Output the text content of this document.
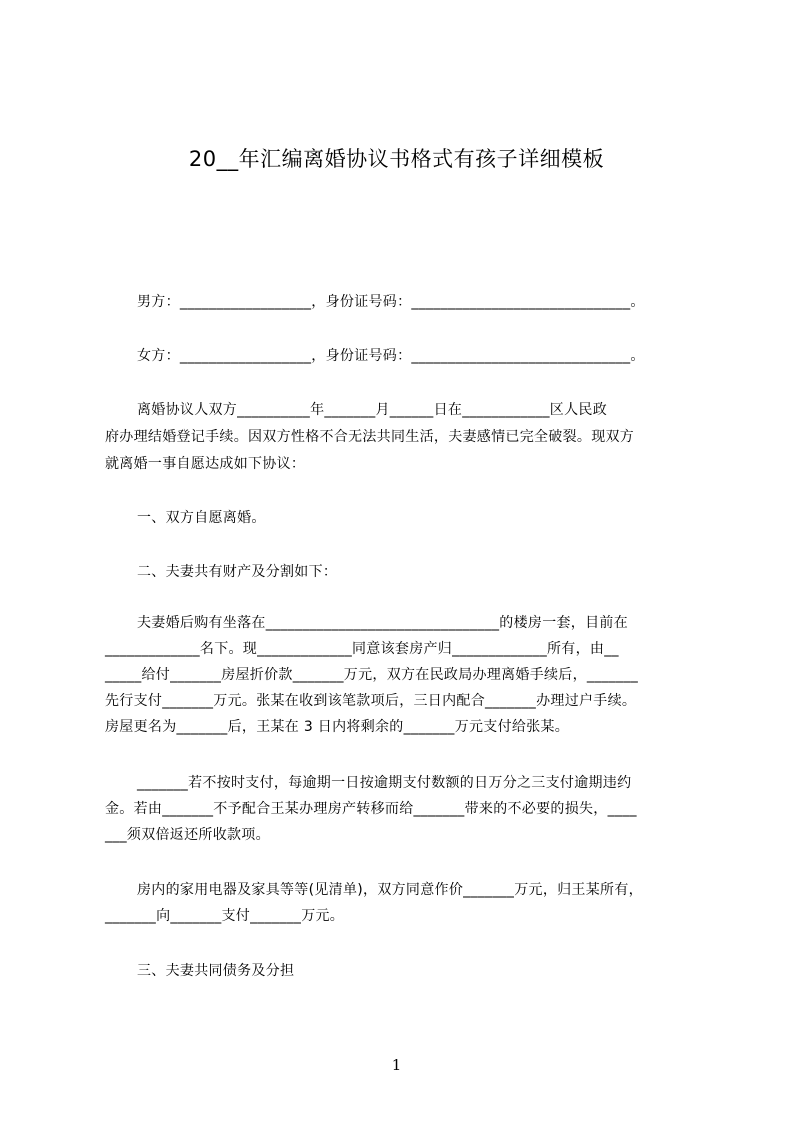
20__年汇编离婚协议书格式有孩子详细模板
男方：__________________，身份证号码：______________________________。
女方：__________________，身份证号码：______________________________。
离婚协议人双方__________年_______月______日在____________区人民政
府办理结婚登记手续。因双方性格不合无法共同生活，夫妻感情已完全破裂。现双方
就离婚一事自愿达成如下协议：
一、双方自愿离婚。
二、夫妻共有财产及分割如下：
夫妻婚后购有坐落在________________________________的楼房一套，目前在
_____________名下。现_____________同意该套房产归_____________所有，由__
_____给付_______房屋折价款_______万元，双方在民政局办理离婚手续后，_______
先行支付_______万元。张某在收到该笔款项后，三日内配合_______办理过户手续。
房屋更名为_______后，王某在 3 日内将剩余的_______万元支付给张某。
_______若不按时支付，每逾期一日按逾期支付数额的日万分之三支付逾期违约
金。若由_______不予配合王某办理房产转移而给_______带来的不必要的损失，____
___须双倍返还所收款项。
房内的家用电器及家具等等(见清单)，双方同意作价_______万元，归王某所有，
_______向_______支付_______万元。
三、夫妻共同债务及分担
1
